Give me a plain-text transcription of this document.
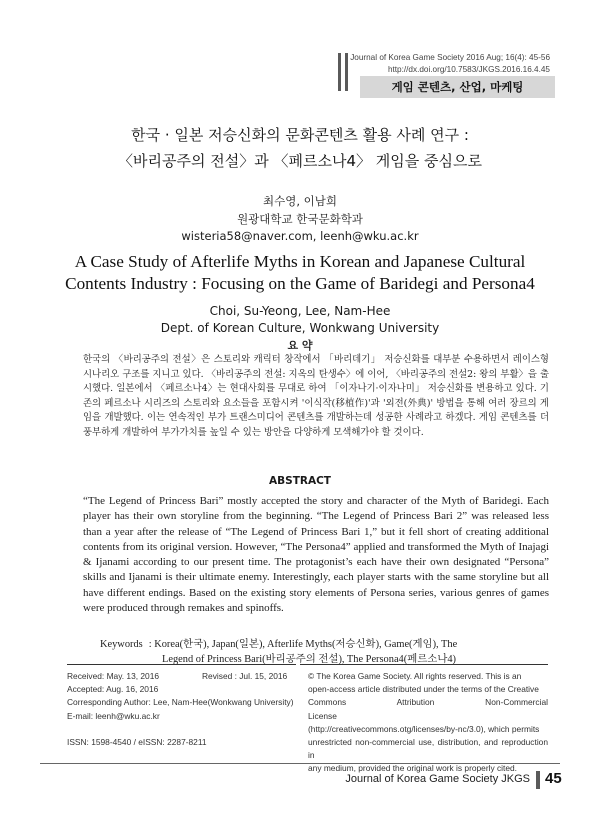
Journal of Korea Game Society 2016 Aug; 16(4): 45-56
http://dx.doi.org/10.7583/JKGS.2016.16.4.45
게임 콘텐츠, 산업, 마케팅
한국 · 일본 저승신화의 문화콘텐츠 활용 사례 연구 :
〈바리공주의 전설〉과 〈페르소나4〉 게임을 중심으로
최수영, 이남희
원광대학교 한국문화학과
wisteria58@naver.com, leenh@wku.ac.kr
A Case Study of Afterlife Myths in Korean and Japanese Cultural
Contents Industry : Focusing on the Game of Baridegi and Persona4
Choi, Su-Yeong, Lee, Nam-Hee
Dept. of Korean Culture, Wonkwang University
요 약
한국의 〈바리공주의 전설〉은 스토리와 캐릭터 창작에서 「바리데기」 저승신화를 대부분 수용하면서 레이스형 시나리오 구조를 지니고 있다. 〈바리공주의 전설: 지옥의 탄생수〉에 이어, 〈바리공주의 전설2: 왕의 부활〉을 출시했다. 일본에서 〈페르소나4〉는 현대사회를 무대로 하여 「이자나기·이자나미」 저승신화를 변용하고 있다. 기존의 페르소나 시리즈의 스토리와 요소들을 포함시켜 '이식작(移植作)'과 '외전(外典)' 방법을 통해 여러 장르의 게임을 개발했다. 이는 연속적인 부가 트랜스미디어 콘텐츠를 개발하는데 성공한 사례라고 하겠다. 게임 콘텐츠를 더 풍부하게 개발하여 부가가치를 높일 수 있는 방안을 다양하게 모색해가야 할 것이다.
ABSTRACT
“The Legend of Princess Bari” mostly accepted the story and character of the Myth of Baridegi. Each player has their own storyline from the beginning. “The Legend of Princess Bari 2” was released less than a year after the release of “The Legend of Princess Bari 1,” but it fell short of creating additional contents from its original version. However, “The Persona4” applied and transformed the Myth of Inajagi & Ijanami according to our present time. The protagonist’s each have their own designated “Persona” skills and Ijanami is their ultimate enemy. Interestingly, each player starts with the same storyline but all have different endings. Based on the existing story elements of Persona series, various genres of games were produced through remakes and spinoffs.
Keywords : Korea(한국), Japan(일본), Afterlife Myths(저승신화), Game(게임), The
Legend of Princess Bari(바리공주의 전설), The Persona4(페르소나4)
Received: May. 13, 2016	Revised : Jul. 15, 2016
Accepted: Aug. 16, 2016
Corresponding Author: Lee, Nam-Hee(Wonkwang University)
E-mail: leenh@wku.ac.kr
ISSN: 1598-4540 / eISSN: 2287-8211
© The Korea Game Society. All rights reserved. This is an
open-access article distributed under the terms of the Creative
Commons Attribution Non-Commercial License
(http://creativecommons.otg/licenses/by-nc/3.0), which permits
unrestricted non-commercial use, distribution, and reproduction in
any medium, provided the original work is properly cited.
Journal of Korea Game Society JKGS 45
